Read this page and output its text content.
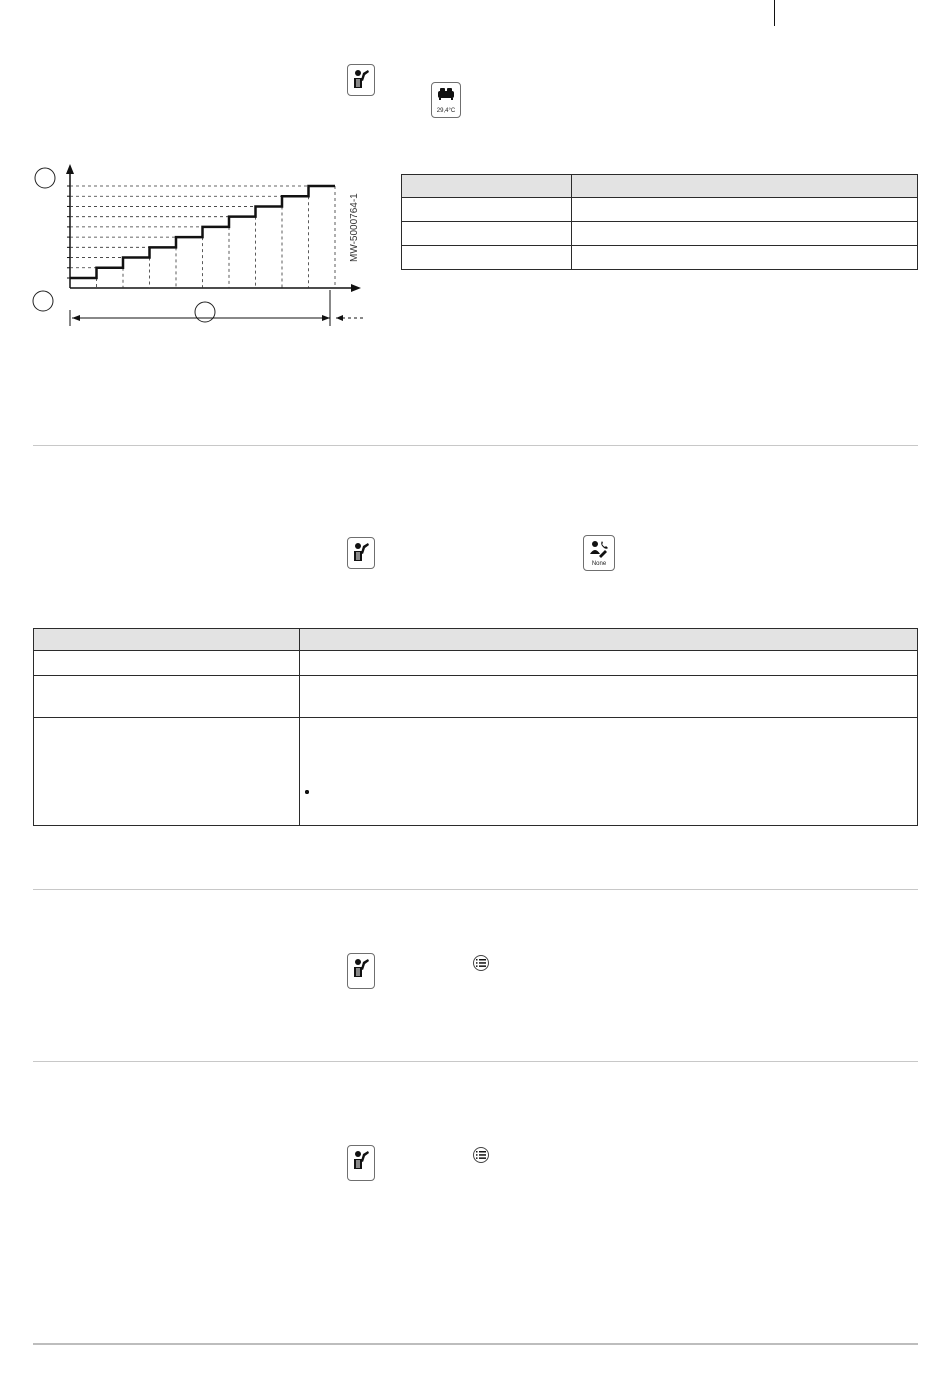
29,4°C
MW-5000764-1

None
